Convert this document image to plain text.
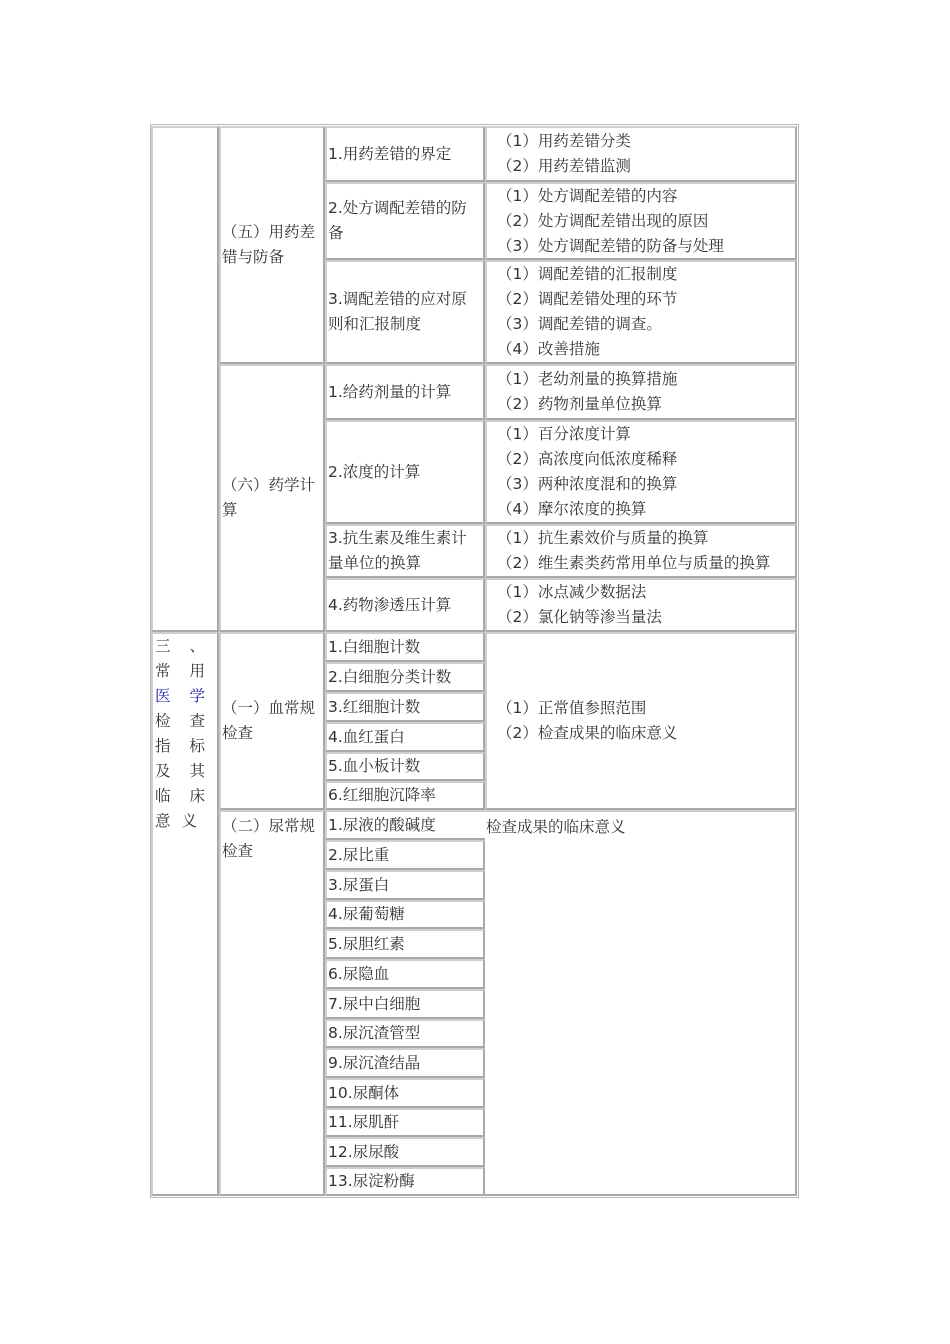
三、常用医学检查指标及其临床意义
（五）用药差错与防备
1.用药差错的界定
（1）用药差错分类
（2）用药差错监测
2.处方调配差错的防备
（1）处方调配差错的内容
（2）处方调配差错出现的原因
（3）处方调配差错的防备与处理
3.调配差错的应对原则和汇报制度
（1）调配差错的汇报制度
（2）调配差错处理的环节
（3）调配差错的调查。
（4）改善措施
（六）药学计算
1.给药剂量的计算
（1）老幼剂量的换算措施
（2）药物剂量单位换算
2.浓度的计算
（1）百分浓度计算
（2）高浓度向低浓度稀释
（3）两种浓度混和的换算
（4）摩尔浓度的换算
3.抗生素及维生素计量单位的换算
（1）抗生素效价与质量的换算
（2）维生素类药常用单位与质量的换算
4.药物渗透压计算
（1）冰点减少数据法
（2）氯化钠等渗当量法
（一）血常规检查
1.白细胞计数
2.白细胞分类计数
3.红细胞计数
4.血红蛋白
5.血小板计数
6.红细胞沉降率
（1）正常值参照范围
（2）检查成果的临床意义
（二）尿常规检查
1.尿液的酸碱度
2.尿比重
3.尿蛋白
4.尿葡萄糖
5.尿胆红素
6.尿隐血
7.尿中白细胞
8.尿沉渣管型
9.尿沉渣结晶
10.尿酮体
11.尿肌酐
12.尿尿酸
13.尿淀粉酶
检查成果的临床意义
